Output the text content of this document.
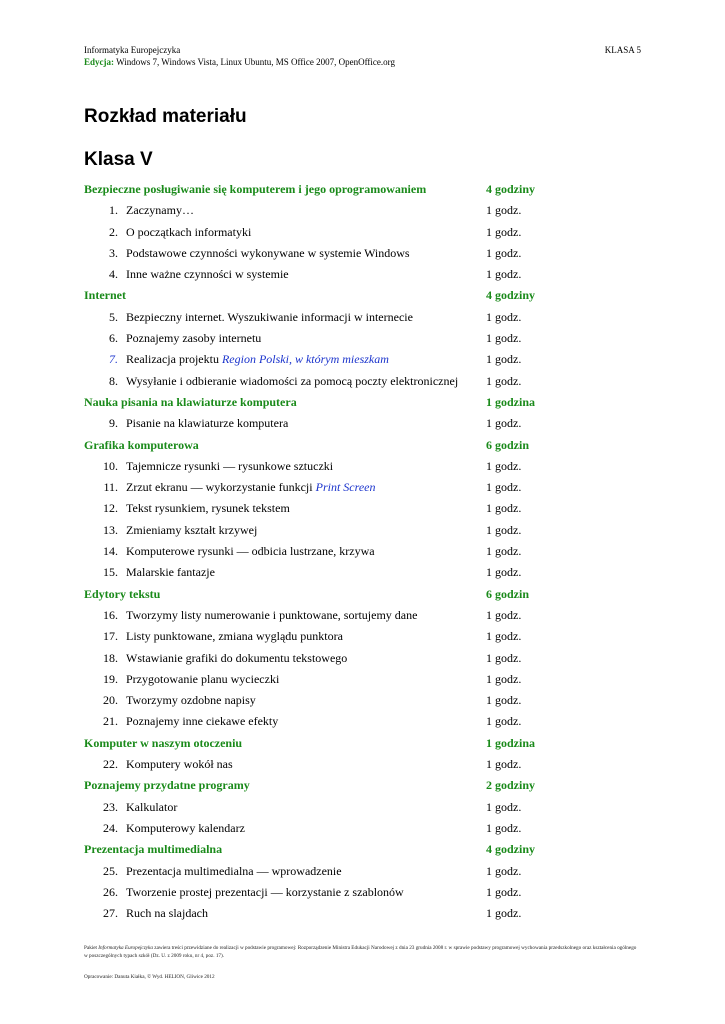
Informatyka Europejczyka
Edycja: Windows 7, Windows Vista, Linux Ubuntu, MS Office 2007, OpenOffice.org
KLASA 5
Rozkład materiału
Klasa V
Bezpieczne posługiwanie się komputerem i jego oprogramowaniem	4 godziny
1. Zaczynamy…	1 godz.
2. O początkach informatyki	1 godz.
3. Podstawowe czynności wykonywane w systemie Windows	1 godz.
4. Inne ważne czynności w systemie	1 godz.
Internet	4 godziny
5. Bezpieczny internet. Wyszukiwanie informacji w internecie	1 godz.
6. Poznajemy zasoby internetu	1 godz.
7. Realizacja projektu Region Polski, w którym mieszkam	1 godz.
8. Wysyłanie i odbieranie wiadomości za pomocą poczty elektronicznej 1 godz.
Nauka pisania na klawiaturze komputera	1 godzina
9. Pisanie na klawiaturze komputera	1 godz.
Grafika komputerowa	6 godzin
10. Tajemnicze rysunki — rysunkowe sztuczki	1 godz.
11. Zrzut ekranu — wykorzystanie funkcji Print Screen	1 godz.
12. Tekst rysunkiem, rysunek tekstem	1 godz.
13. Zmieniamy kształt krzywej	1 godz.
14. Komputerowe rysunki — odbicia lustrzane, krzywa	1 godz.
15. Malarskie fantazje	1 godz.
Edytory tekstu	6 godzin
16. Tworzymy listy numerowanie i punktowane, sortujemy dane	1 godz.
17. Listy punktowane, zmiana wyglądu punktora	1 godz.
18. Wstawianie grafiki do dokumentu tekstowego	1 godz.
19. Przygotowanie planu wycieczki	1 godz.
20. Tworzymy ozdobne napisy	1 godz.
21. Poznajemy inne ciekawe efekty	1 godz.
Komputer w naszym otoczeniu	1 godzina
22. Komputery wokół nas	1 godz.
Poznajemy przydatne programy	2 godziny
23. Kalkulator	1 godz.
24. Komputerowy kalendarz	1 godz.
Prezentacja multimedialna	4 godziny
25. Prezentacja multimedialna — wprowadzenie	1 godz.
26. Tworzenie prostej prezentacji — korzystanie z szablonów	1 godz.
27. Ruch na slajdach	1 godz.
Pakiet Informatyka Europejczyka zawiera treści przewidziane do realizacji w podstawie programowej: Rozporządzenie Ministra Edukacji Narodowej z dnia 23 grudnia 2008 r. w sprawie podstawy programowej wychowania przedszkolnego oraz kształcenia ogólnego w poszczególnych typach szkół (Dz. U. z 2009 roku, nr 4, poz. 17).
Opracowanie: Danuta Kiałka, © Wyd. HELION, Gliwice 2012
